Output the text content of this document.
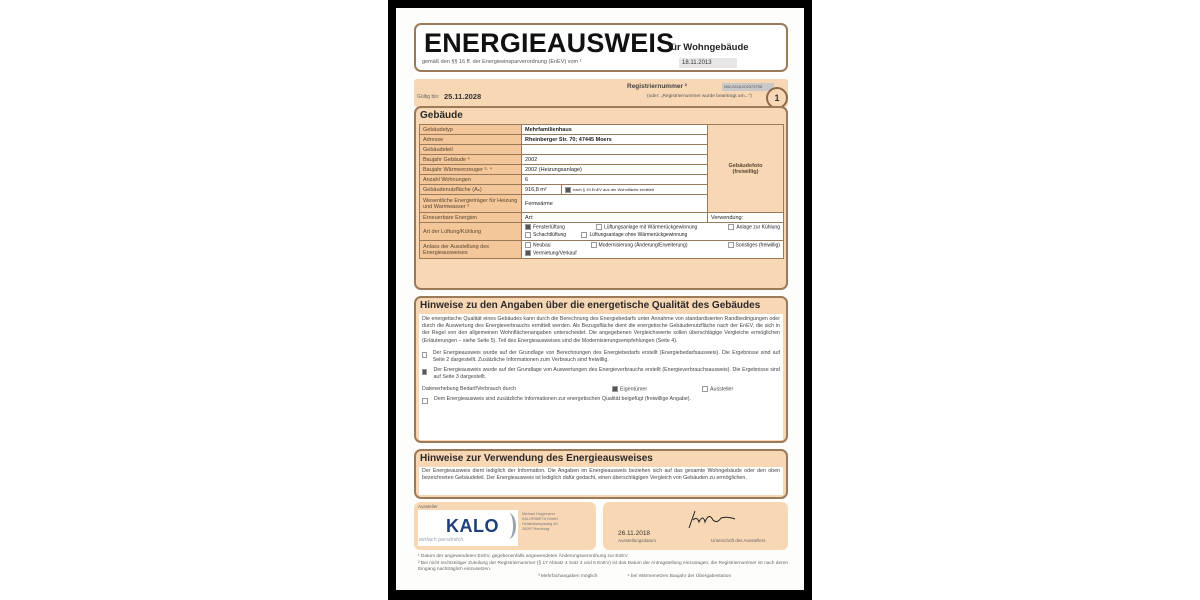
ENERGIEAUSWEIS
für Wohngebäude
gemäß den §§ 16 ff. der Energieeinsparverordnung (EnEV) vom ¹	18.11.2013
Gültig bis: 25.11.2028
Registriernummer ²	NW-2018-002373798
(oder: „Registriernummer wurde beantragt am...")	1
Gebäude
Gebäudetyp	Mehrfamilienhaus		Gebäudefoto
(freiwillig)

Adresse	Rheinberger Str. 70; 47445 Moers		
Gebäudeteil			
Baujahr Gebäude ³	2002		
Baujahr Wärmeerzeuger ³· ⁴	2002 (Heizungsanlage)		
Anzahl Wohnungen	6		
Gebäudenutzfläche (Aₙ)	916,8 m²	nach § 19 EnEV aus der Wohnfläche ermittelt	
Wesentliche Energieträger für Heizung und Warmwasser ³	Fernwärme		
Erneuerbare Energien	Art:		Verwendung:
Art der Lüftung/Kühlung	Fensterlüftung Lüftungsanlage mit Wärmerückgewinnung Anlage zur Kühlung
Schachtlüftung Lüftungsanlage ohne Wärmerückgewinnung		

Anlass der Ausstellung des Energieausweises	Neubau Modernisierung (Änderung/Erweiterung) Sonstiges (freiwillig)
Vermietung/Verkauf		
Hinweise zu den Angaben über die energetische Qualität des Gebäudes

Die energetische Qualität eines Gebäudes kann durch die Berechnung des Energiebedarfs unter Annahme von standardisierten Randbedingungen oder durch die Auswertung des Energieverbrauchs ermittelt werden. Als Bezugsfläche dient die energetische Gebäudenutzfläche nach der EnEV, die sich in der Regel von den allgemeinen Wohnflächenangaben unterscheidet. Die angegebenen Vergleichswerte sollen überschlägige Vergleiche ermöglichen (Erläuterungen – siehe Seite 5). Teil des Energieausweises sind die Modernisierungsempfehlungen (Seite 4).

Der Energieausweis wurde auf der Grundlage von Berechnungen des Energiebedarfs erstellt (Energiebedarfsausweis). Die Ergebnisse sind auf Seite 2 dargestellt. Zusätzliche Informationen zum Verbrauch sind freiwillig.
Der Energieausweis wurde auf der Grundlage von Auswertungen des Energieverbrauchs erstellt (Energieverbrauchsausweis). Die Ergebnisse sind auf Seite 3 dargestellt.
Datenerhebung Bedarf/Verbrauch durch	Eigentümer	Aussteller
Dem Energieausweis sind zusätzliche Informationen zur energetischen Qualität beigefügt (freiwillige Angabe).
Hinweise zur Verwendung des Energieausweises
Der Energieausweis dient lediglich der Information. Die Angaben im Energieausweis beziehen sich auf das gesamte Wohngebäude oder den oben bezeichneten Gebäudeteil. Der Energieausweis ist lediglich dafür gedacht, einen überschlägigen Vergleich von Gebäuden zu ermöglichen.
Aussteller
KALO
einfach persönlich.
Michael Hoppmann
KALORIMETA GmbH
Heidenkampsweg 40
20097 Hamburg
26.11.2018
Ausstellungsdatum	Unterschrift des Ausstellers
¹ Datum der angewendeten EnEV, gegebenenfalls angewendeten Änderungsverordnung zur EnEV
² Bei nicht rechtzeitiger Zuteilung der Registriernummer (§ 17 Absatz 4 Satz 4 und 5 EnEV) ist das Datum der Antragstellung einzutragen; die Registriernummer ist nach deren Eingang nachträglich einzusetzen.
³ Mehrfachangaben möglich	⁴ bei Wärmenetzen Baujahr der Übergabestation
